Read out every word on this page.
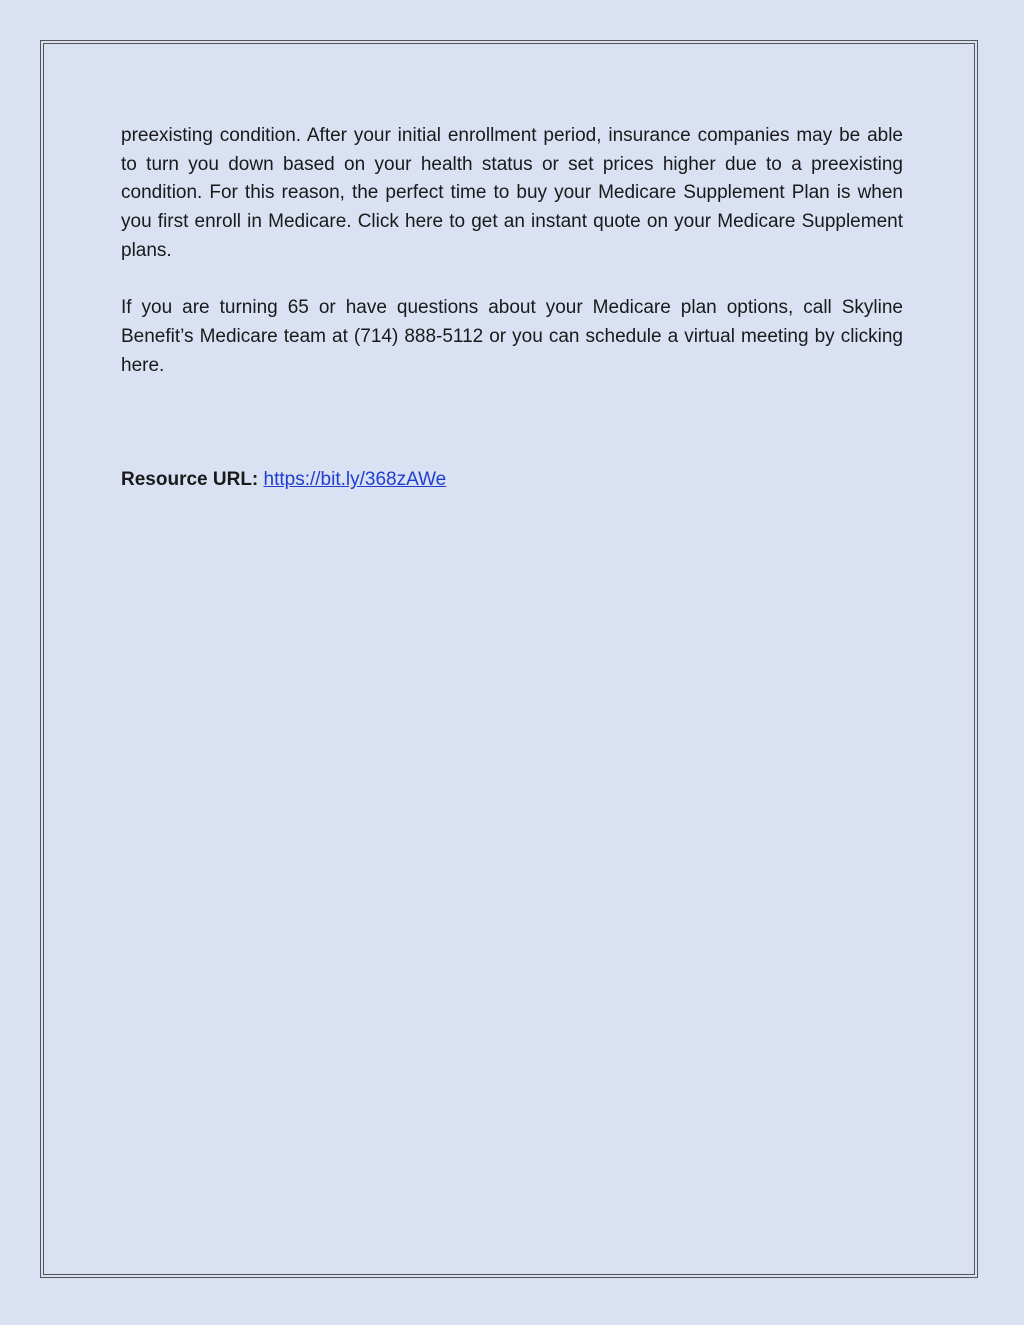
preexisting condition. After your initial enrollment period, insurance companies may be able to turn you down based on your health status or set prices higher due to a preexisting condition. For this reason, the perfect time to buy your Medicare Supplement Plan is when you first enroll in Medicare. Click here to get an instant quote on your Medicare Supplement plans.

If you are turning 65 or have questions about your Medicare plan options, call Skyline Benefit’s Medicare team at (714) 888-5112 or you can schedule a virtual meeting by clicking here.

Resource URL: https://bit.ly/368zAWe
